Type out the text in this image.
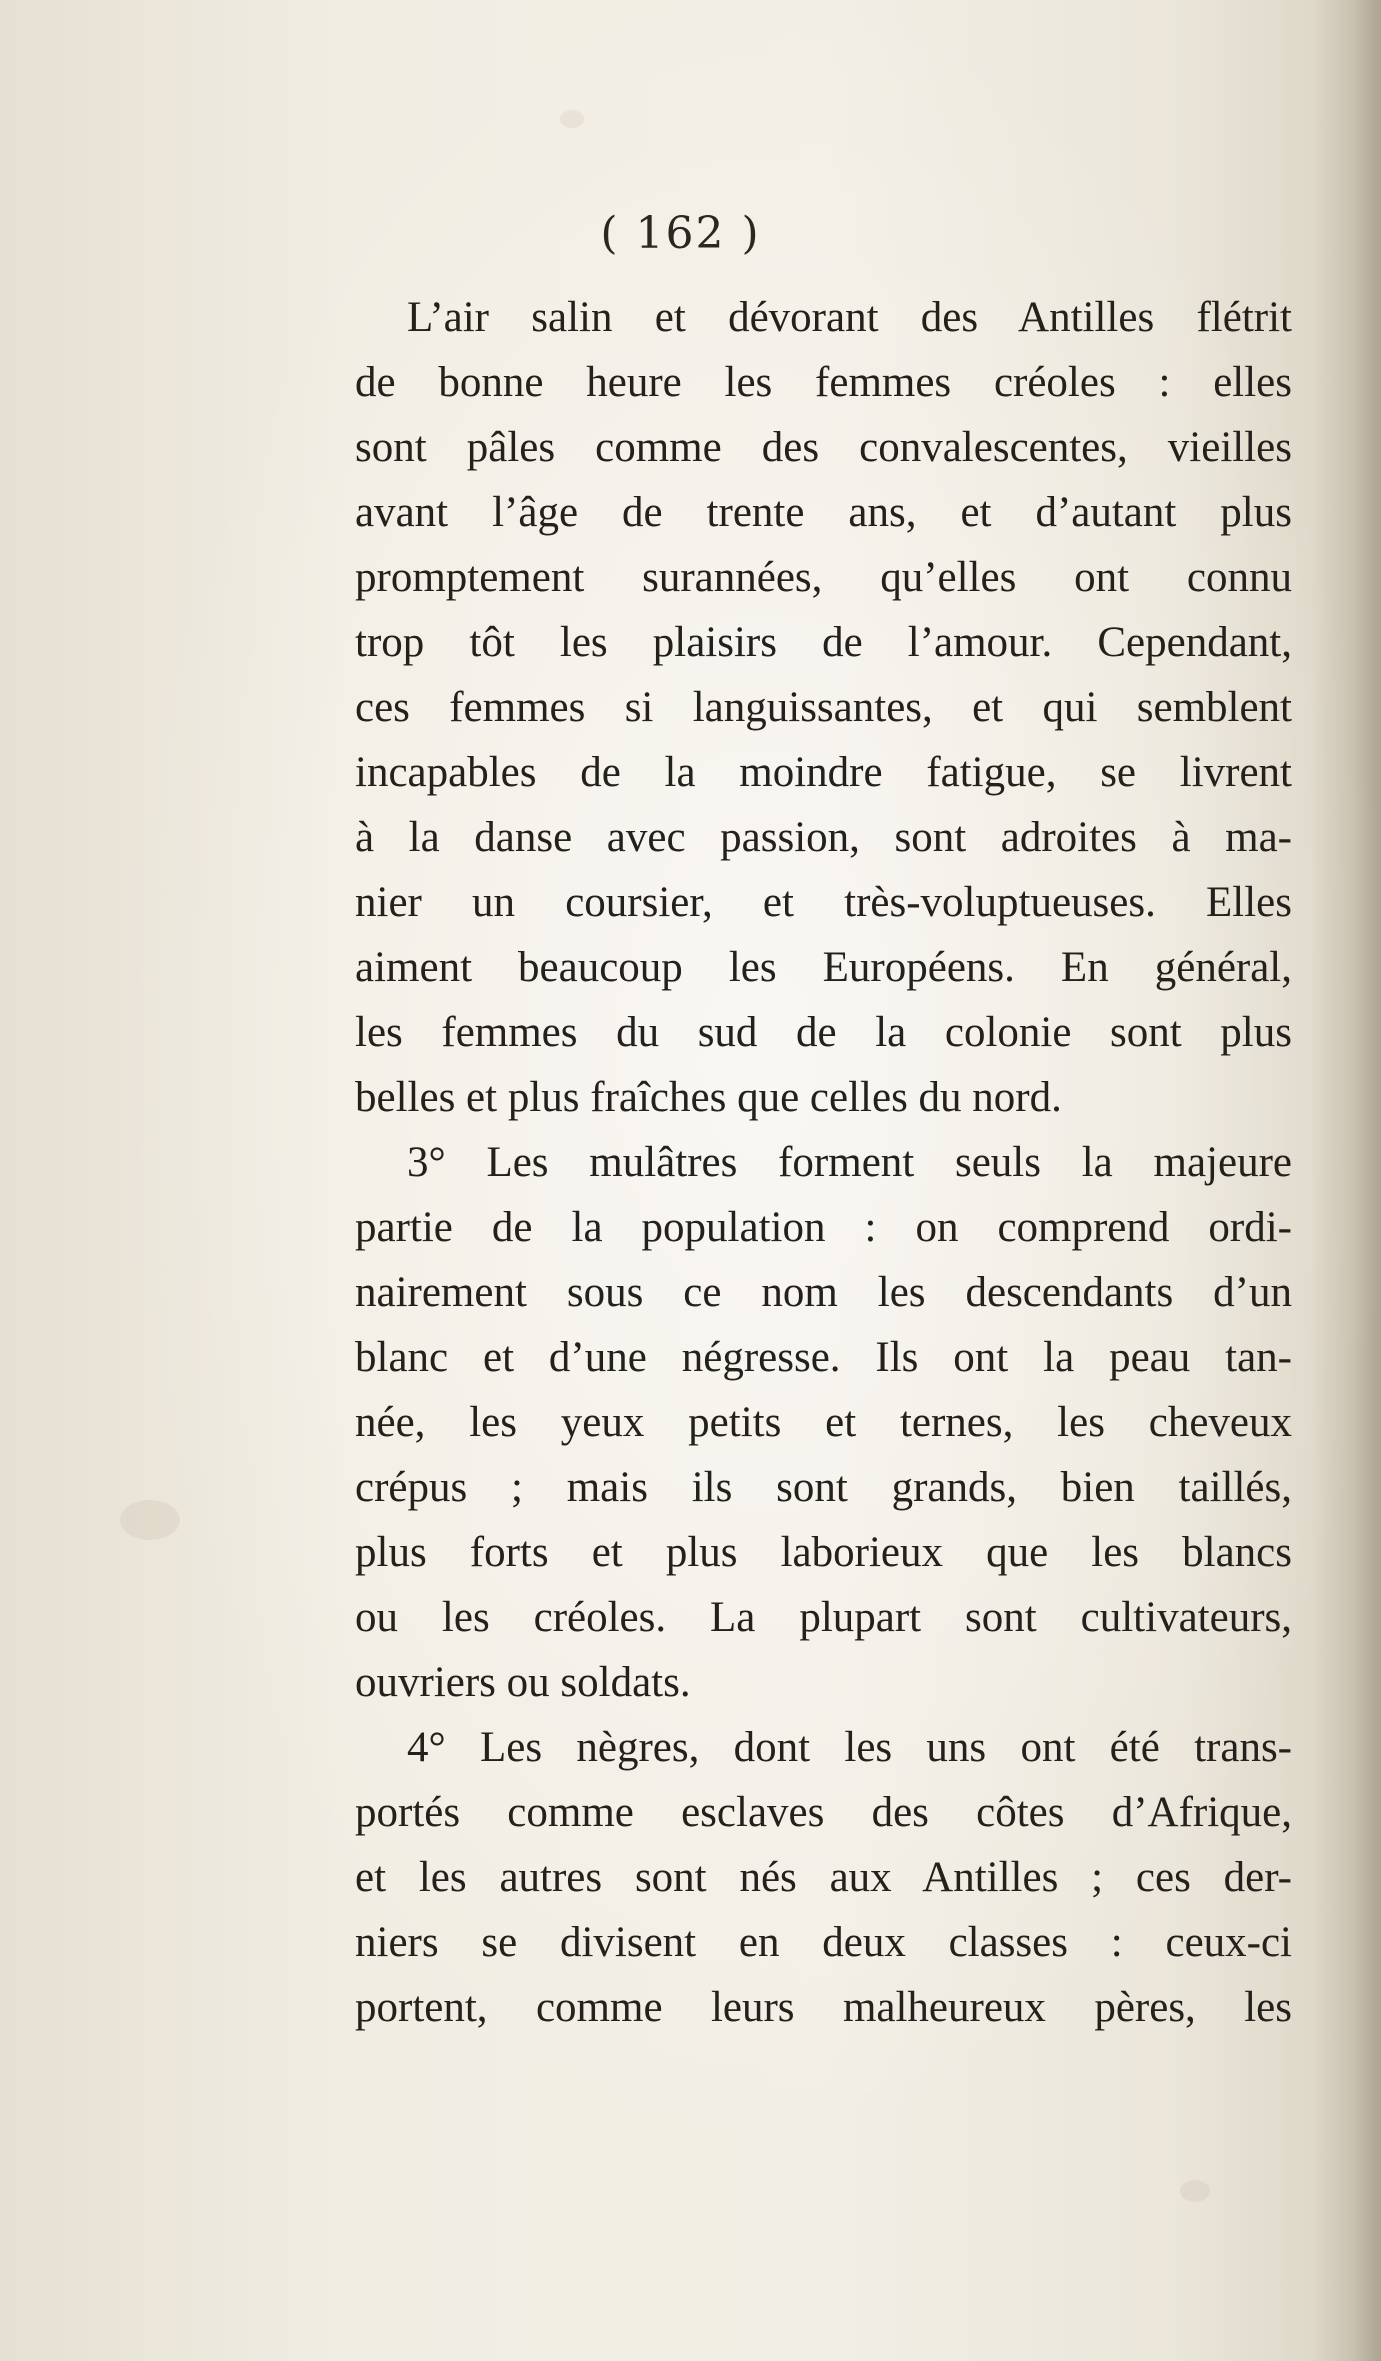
( 162 )
L’air salin et dévorant des Antilles flétrit
de bonne heure les femmes créoles : elles
sont pâles comme des convalescentes, vieilles
avant l’âge de trente ans, et d’autant plus
promptement surannées, qu’elles ont connu
trop tôt les plaisirs de l’amour. Cependant,
ces femmes si languissantes, et qui semblent
incapables de la moindre fatigue, se livrent
à la danse avec passion, sont adroites à ma-
nier un coursier, et très-voluptueuses. Elles
aiment beaucoup les Européens. En général,
les femmes du sud de la colonie sont plus
belles et plus fraîches que celles du nord.
3° Les mulâtres forment seuls la majeure
partie de la population : on comprend ordi-
nairement sous ce nom les descendants d’un
blanc et d’une négresse. Ils ont la peau tan-
née, les yeux petits et ternes, les cheveux
crépus ; mais ils sont grands, bien taillés,
plus forts et plus laborieux que les blancs
ou les créoles. La plupart sont cultivateurs,
ouvriers ou soldats.
4° Les nègres, dont les uns ont été trans-
portés comme esclaves des côtes d’Afrique,
et les autres sont nés aux Antilles ; ces der-
niers se divisent en deux classes : ceux-ci
portent, comme leurs malheureux pères, les
